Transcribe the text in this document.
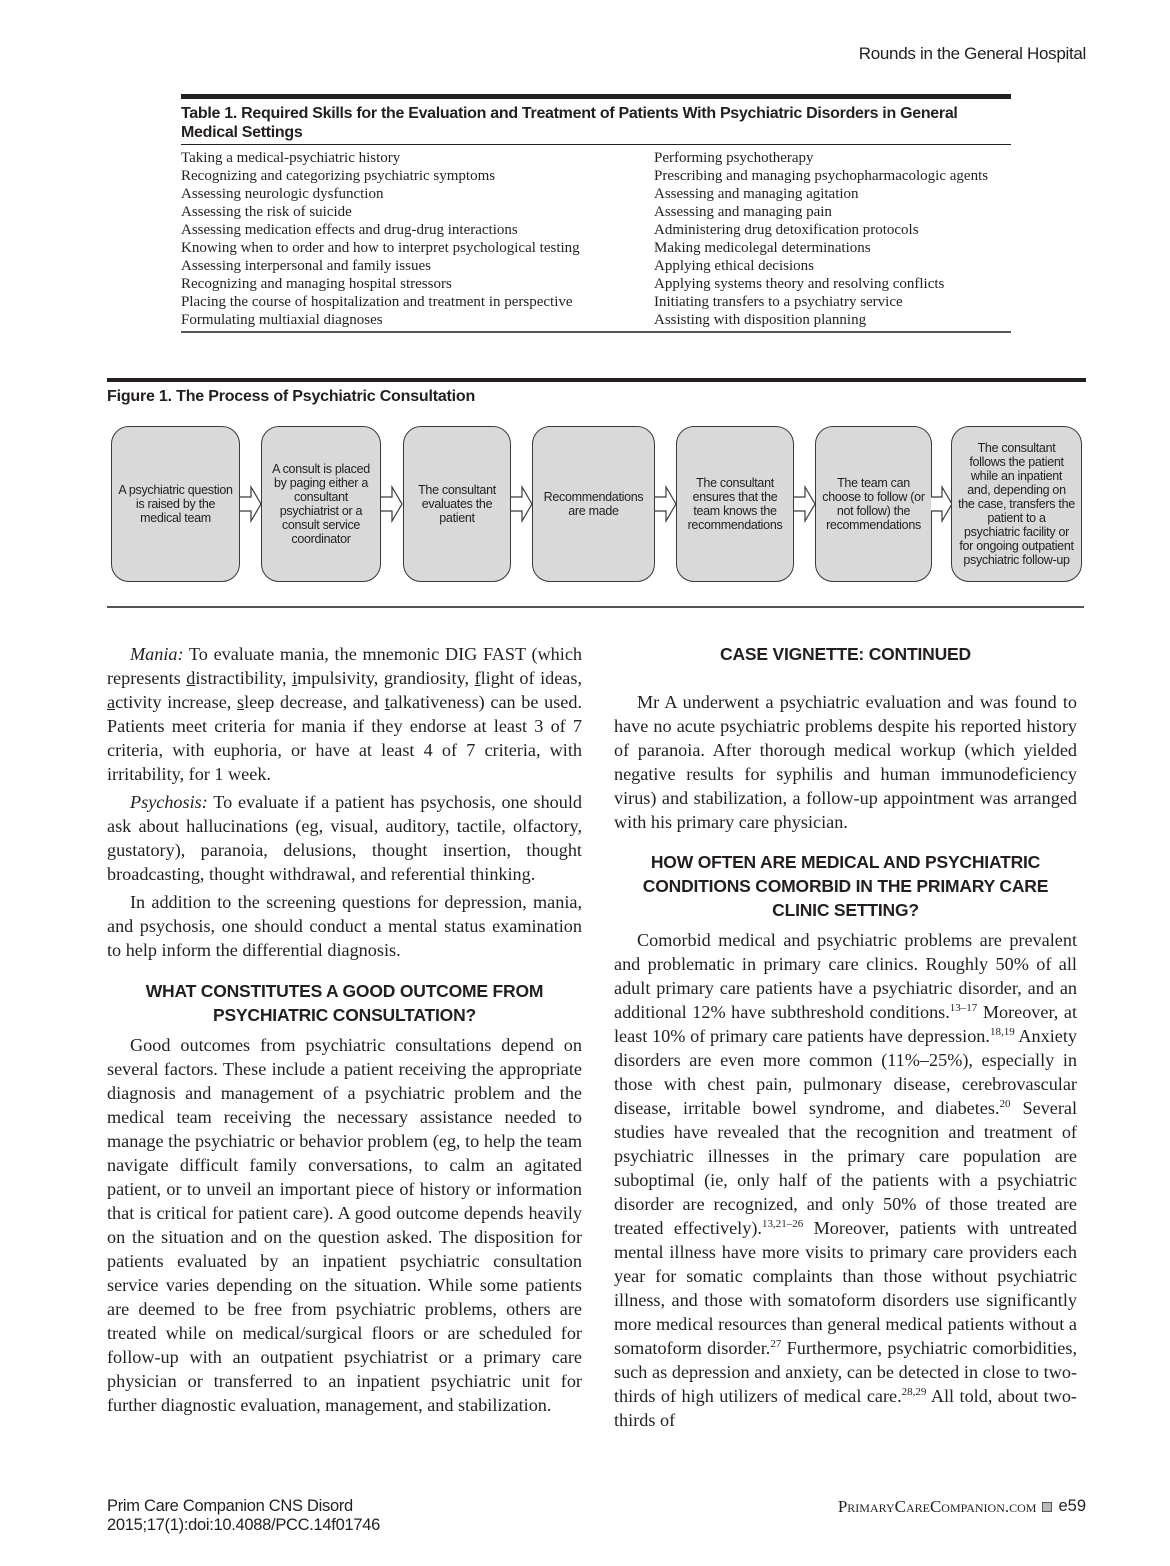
Rounds in the General Hospital
Table 1. Required Skills for the Evaluation and Treatment of Patients With Psychiatric Disorders in General Medical Settings
Taking a medical-psychiatric history
Recognizing and categorizing psychiatric symptoms
Assessing neurologic dysfunction
Assessing the risk of suicide
Assessing medication effects and drug-drug interactions
Knowing when to order and how to interpret psychological testing
Assessing interpersonal and family issues
Recognizing and managing hospital stressors
Placing the course of hospitalization and treatment in perspective
Formulating multiaxial diagnoses
Performing psychotherapy
Prescribing and managing psychopharmacologic agents
Assessing and managing agitation
Assessing and managing pain
Administering drug detoxification protocols
Making medicolegal determinations
Applying ethical decisions
Applying systems theory and resolving conflicts
Initiating transfers to a psychiatry service
Assisting with disposition planning
Figure 1. The Process of Psychiatric Consultation
A psychiatric question is raised by the medical team
A consult is placed by paging either a consultant psychiatrist or a consult service coordinator
The consultant evaluates the patient
Recommendations are made
The consultant ensures that the team knows the recommendations
The team can choose to follow (or not follow) the recommendations
The consultant follows the patient while an inpatient and, depending on the case, transfers the patient to a psychiatric facility or for ongoing outpatient psychiatric follow-up

Mania: To evaluate mania, the mnemonic DIG FAST (which represents distractibility, impulsivity, grandiosity, flight of ideas, activity increase, sleep decrease, and talkativeness) can be used. Patients meet criteria for mania if they endorse at least 3 of 7 criteria, with euphoria, or have at least 4 of 7 criteria, with irritability, for 1 week.

Psychosis: To evaluate if a patient has psychosis, one should ask about hallucinations (eg, visual, auditory, tactile, olfactory, gustatory), paranoia, delusions, thought insertion, thought broadcasting, thought withdrawal, and referential thinking.

In addition to the screening questions for depression, mania, and psychosis, one should conduct a mental status examination to help inform the differential diagnosis.

WHAT CONSTITUTES A GOOD OUTCOME FROM PSYCHIATRIC CONSULTATION?

Good outcomes from psychiatric consultations depend on several factors. These include a patient receiving the appropriate diagnosis and management of a psychiatric problem and the medical team receiving the necessary assistance needed to manage the psychiatric or behavior problem (eg, to help the team navigate difficult family conversations, to calm an agitated patient, or to unveil an important piece of history or information that is critical for patient care). A good outcome depends heavily on the situation and on the question asked. The disposition for patients evaluated by an inpatient psychiatric consultation service varies depending on the situation. While some patients are deemed to be free from psychiatric problems, others are treated while on medical/surgical floors or are scheduled for follow-up with an outpatient psychiatrist or a primary care physician or transferred to an inpatient psychiatric unit for further diagnostic evaluation, management, and stabilization.

CASE VIGNETTE: CONTINUED

Mr A underwent a psychiatric evaluation and was found to have no acute psychiatric problems despite his reported history of paranoia. After thorough medical workup (which yielded negative results for syphilis and human immunodeficiency virus) and stabilization, a follow-up appointment was arranged with his primary care physician.

HOW OFTEN ARE MEDICAL AND PSYCHIATRIC CONDITIONS COMORBID IN THE PRIMARY CARE CLINIC SETTING?

Comorbid medical and psychiatric problems are prevalent and problematic in primary care clinics. Roughly 50% of all adult primary care patients have a psychiatric disorder, and an additional 12% have subthreshold conditions.$^{13-17}$ Moreover, at least 10% of primary care patients have depression.$^{18,19}$ Anxiety disorders are even more common (11%–25%), especially in those with chest pain, pulmonary disease, cerebrovascular disease, irritable bowel syndrome, and diabetes.$^{20}$ Several studies have revealed that the recognition and treatment of psychiatric illnesses in the primary care population are suboptimal (ie, only half of the patients with a psychiatric disorder are recognized, and only 50% of those treated are treated effectively).$^{13,21-26}$ Moreover, patients with untreated mental illness have more visits to primary care providers each year for somatic complaints than those without psychiatric illness, and those with somatoform disorders use significantly more medical resources than general medical patients without a somatoform disorder.$^{27}$ Furthermore, psychiatric comorbidities, such as depression and anxiety, can be detected in close to two-thirds of high utilizers of medical care.$^{28,29}$ All told, about two-thirds of

Prim Care Companion CNS Disord
2015;17(1):doi:10.4088/PCC.14f01746
PrimaryCareCompanion.com e59
